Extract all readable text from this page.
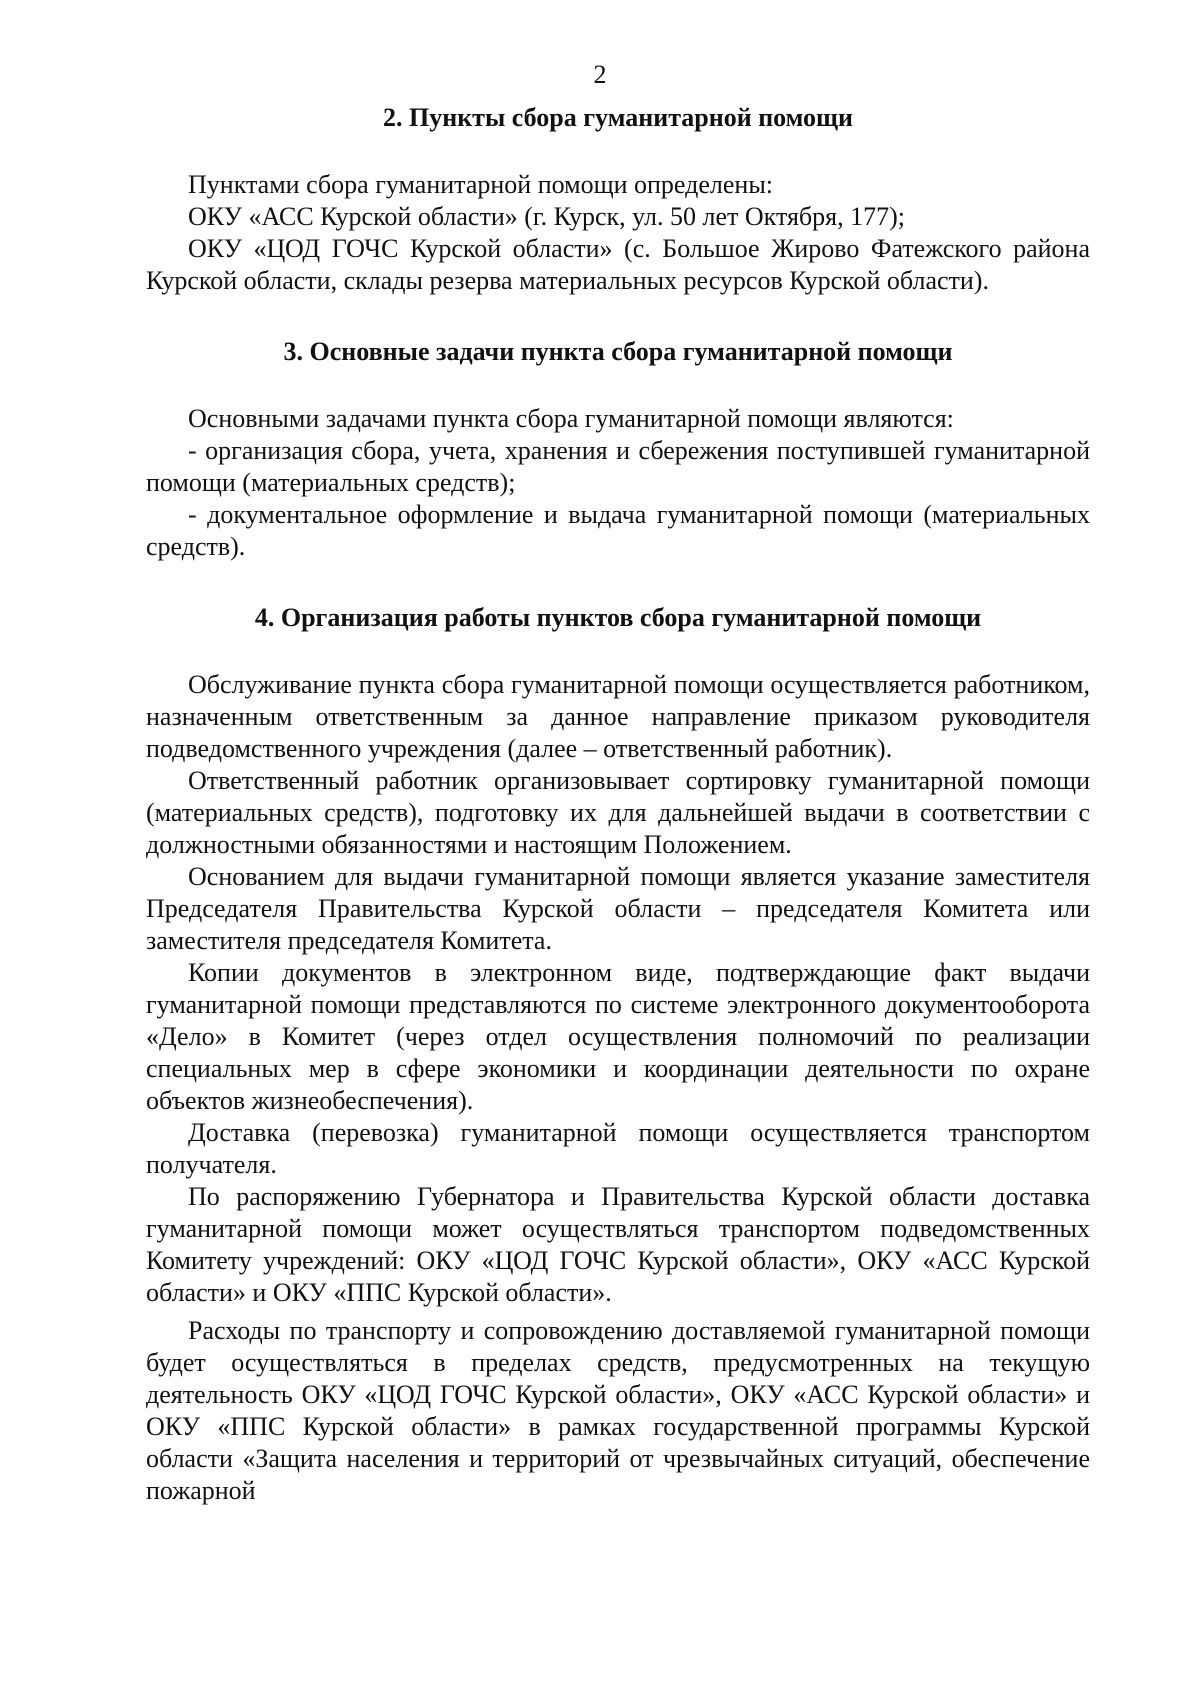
2
2. Пункты сбора гуманитарной помощи

Пунктами сбора гуманитарной помощи определены:

ОКУ «АСС Курской области» (г. Курск, ул. 50 лет Октября, 177);

ОКУ «ЦОД ГОЧС Курской области» (с. Большое Жирово Фатежского района Курской области, склады резерва материальных ресурсов Курской области).

3. Основные задачи пункта сбора гуманитарной помощи

Основными задачами пункта сбора гуманитарной помощи являются:

- организация сбора, учета, хранения и сбережения поступившей гуманитарной помощи (материальных средств);

- документальное оформление и выдача гуманитарной помощи (материальных средств).

4. Организация работы пунктов сбора гуманитарной помощи

Обслуживание пункта сбора гуманитарной помощи осуществляется работником, назначенным ответственным за данное направление приказом руководителя подведомственного учреждения (далее – ответственный работник).

Ответственный работник организовывает сортировку гуманитарной помощи (материальных средств), подготовку их для дальнейшей выдачи в соответствии с должностными обязанностями и настоящим Положением.

Основанием для выдачи гуманитарной помощи является указание заместителя Председателя Правительства Курской области – председателя Комитета или заместителя председателя Комитета.

Копии документов в электронном виде, подтверждающие факт выдачи гуманитарной помощи представляются по системе электронного документооборота «Дело» в Комитет (через отдел осуществления полномочий по реализации специальных мер в сфере экономики и координации деятельности по охране объектов жизнеобеспечения).

Доставка (перевозка) гуманитарной помощи осуществляется транспортом получателя.

По распоряжению Губернатора и Правительства Курской области доставка гуманитарной помощи может осуществляться транспортом подведомственных Комитету учреждений: ОКУ «ЦОД ГОЧС Курской области», ОКУ «АСС Курской области» и ОКУ «ППС Курской области».

Расходы по транспорту и сопровождению доставляемой гуманитарной помощи будет осуществляться в пределах средств, предусмотренных на текущую деятельность ОКУ «ЦОД ГОЧС Курской области», ОКУ «АСС Курской области» и ОКУ «ППС Курской области» в рамках государственной программы Курской области «Защита населения и территорий от чрезвычайных ситуаций, обеспечение пожарной
